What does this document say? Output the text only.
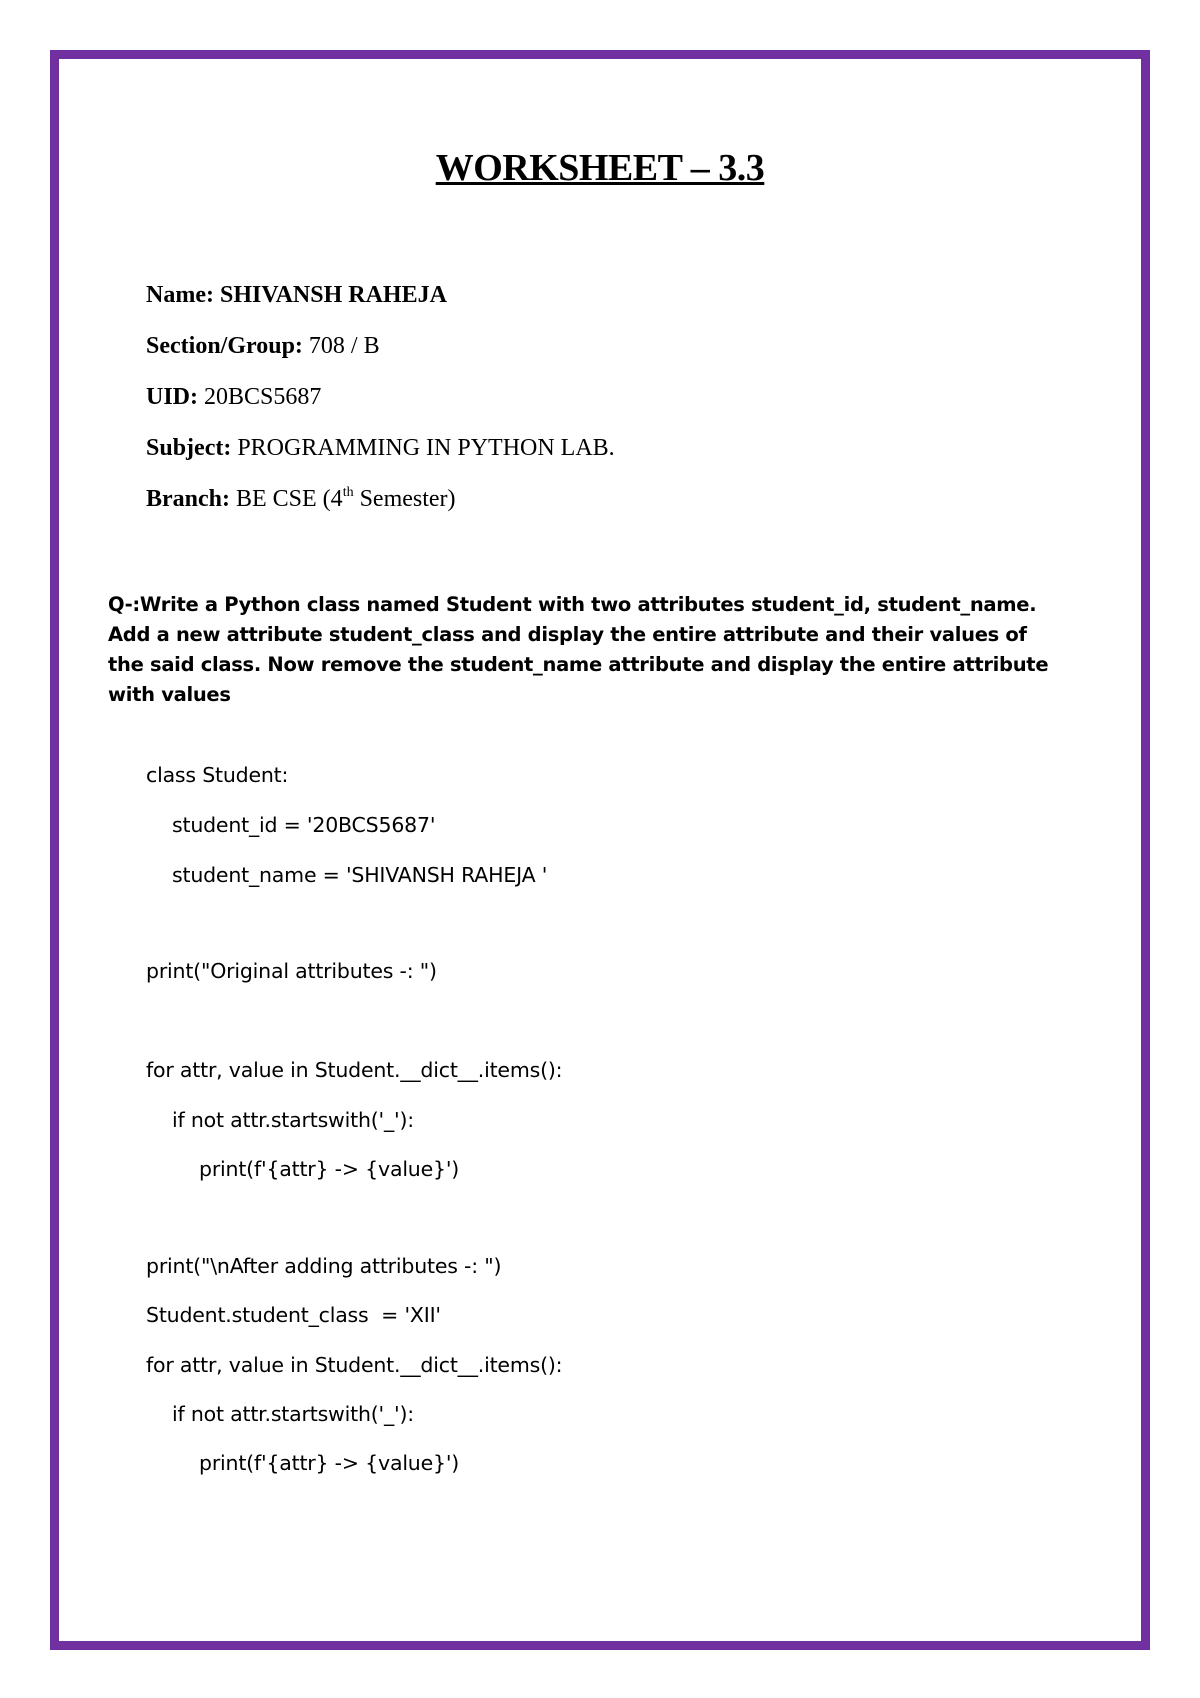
WORKSHEET – 3.3
Name: SHIVANSH RAHEJA
Section/Group: 708 / B
UID: 20BCS5687
Subject: PROGRAMMING IN PYTHON LAB.
Branch: BE CSE (4th Semester)
Q-:Write a Python class named Student with two attributes student_id, student_name. Add a new attribute student_class and display the entire attribute and their values of the said class. Now remove the student_name attribute and display the entire attribute with values
class Student:
student_id = '20BCS5687'
student_name = 'SHIVANSH RAHEJA '
print("Original attributes -: ")
for attr, value in Student.__dict__.items():
if not attr.startswith('_'):
print(f'{attr} -> {value}')
print("\nAfter adding attributes -: ")
Student.student_class  = 'XII'
for attr, value in Student.__dict__.items():
if not attr.startswith('_'):
print(f'{attr} -> {value}')
